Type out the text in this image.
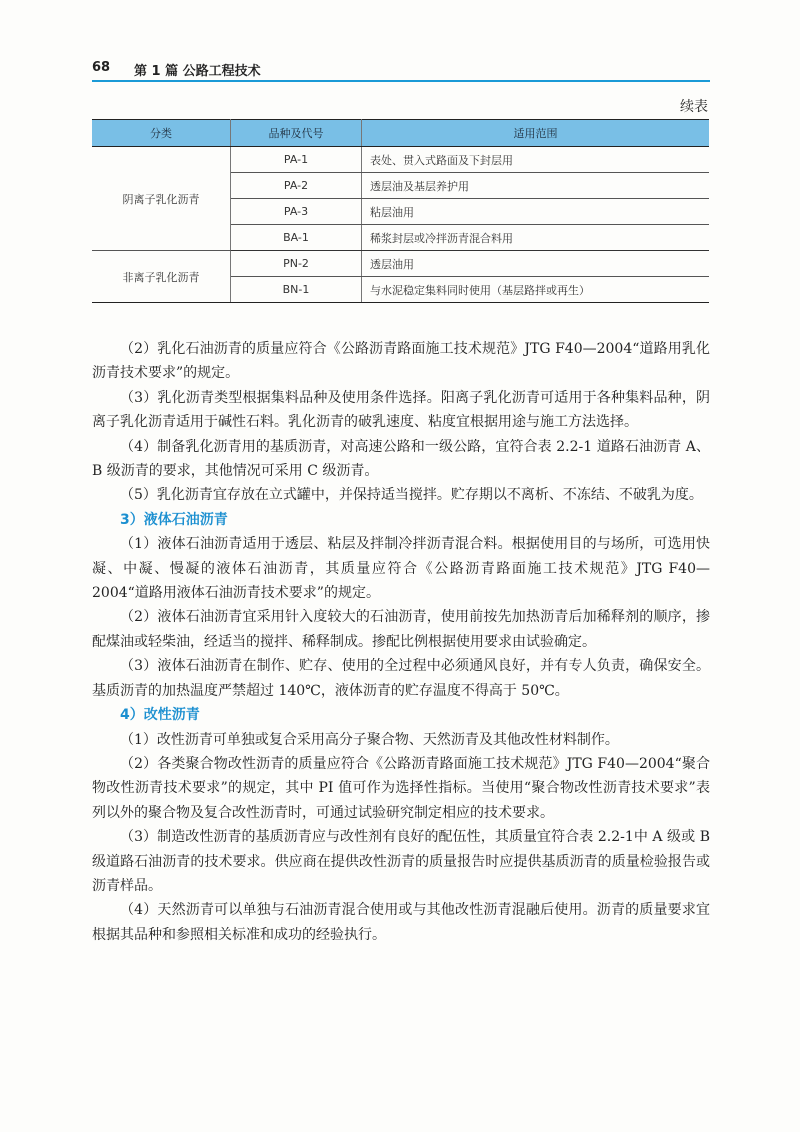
68 第 1 篇 公路工程技术
续表
分类	品种及代号	适用范围
阴离子乳化沥青	PA-1	表处、贯入式路面及下封层用
	PA-2	透层油及基层养护用
	PA-3	粘层油用
	BA-1	稀浆封层或冷拌沥青混合料用
非离子乳化沥青	PN-2	透层油用
	BN-1	与水泥稳定集料同时使用（基层路拌或再生）

（2）乳化石油沥青的质量应符合《公路沥青路面施工技术规范》JTG F40—2004“道路用乳化沥青技术要求”的规定。

（3）乳化沥青类型根据集料品种及使用条件选择。阳离子乳化沥青可适用于各种集料品种，阴离子乳化沥青适用于碱性石料。乳化沥青的破乳速度、粘度宜根据用途与施工方法选择。

（4）制备乳化沥青用的基质沥青，对高速公路和一级公路，宜符合表 2.2-1 道路石油沥青 A、B 级沥青的要求，其他情况可采用 C 级沥青。

（5）乳化沥青宜存放在立式罐中，并保持适当搅拌。贮存期以不离析、不冻结、不破乳为度。

3）液体石油沥青

（1）液体石油沥青适用于透层、粘层及拌制冷拌沥青混合料。根据使用目的与场所，可选用快凝、中凝、慢凝的液体石油沥青，其质量应符合《公路沥青路面施工技术规范》JTG F40—2004“道路用液体石油沥青技术要求”的规定。

（2）液体石油沥青宜采用针入度较大的石油沥青，使用前按先加热沥青后加稀释剂的顺序，掺配煤油或轻柴油，经适当的搅拌、稀释制成。掺配比例根据使用要求由试验确定。

（3）液体石油沥青在制作、贮存、使用的全过程中必须通风良好，并有专人负责，确保安全。基质沥青的加热温度严禁超过 140℃，液体沥青的贮存温度不得高于 50℃。

4）改性沥青

（1）改性沥青可单独或复合采用高分子聚合物、天然沥青及其他改性材料制作。

（2）各类聚合物改性沥青的质量应符合《公路沥青路面施工技术规范》JTG F40—2004“聚合物改性沥青技术要求”的规定，其中 PI 值可作为选择性指标。当使用“聚合物改性沥青技术要求”表列以外的聚合物及复合改性沥青时，可通过试验研究制定相应的技术要求。

（3）制造改性沥青的基质沥青应与改性剂有良好的配伍性，其质量宜符合表 2.2-1中 A 级或 B 级道路石油沥青的技术要求。供应商在提供改性沥青的质量报告时应提供基质沥青的质量检验报告或沥青样品。

（4）天然沥青可以单独与石油沥青混合使用或与其他改性沥青混融后使用。沥青的质量要求宜根据其品种和参照相关标准和成功的经验执行。
